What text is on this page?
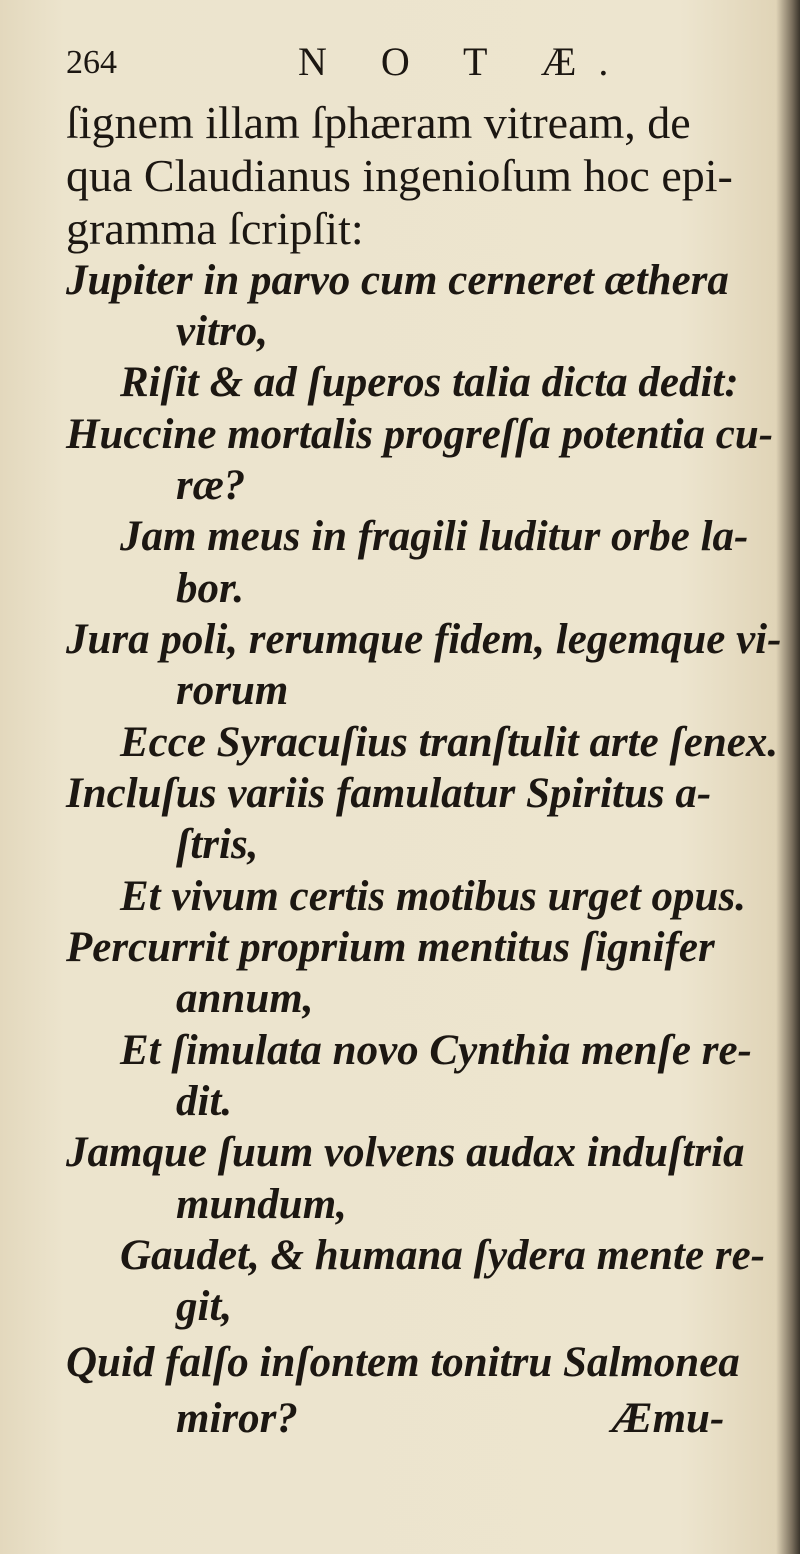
264	N O T Æ.
ſignem illam ſphæram vitream, de
qua Claudianus ingenioſum hoc epi-
gramma ſcripſit:
Jupiter in parvo cum cerneret æthera
vitro,
Riſit & ad ſuperos talia dicta dedit:
Huccine mortalis progreſſa potentia cu-
ræ?
Jam meus in fragili luditur orbe la-
bor.
Jura poli, rerumque fidem, legemque vi-
rorum
Ecce Syracuſius tranſtulit arte ſenex.
Incluſus variis famulatur Spiritus a-
ſtris,
Et vivum certis motibus urget opus.
Percurrit proprium mentitus ſignifer
annum,
Et ſimulata novo Cynthia menſe re-
dit.
Jamque ſuum volvens audax induſtria
mundum,
Gaudet, & humana ſydera mente re-
git,
Quid falſo inſontem tonitru Salmonea
miror?	Æmu-
